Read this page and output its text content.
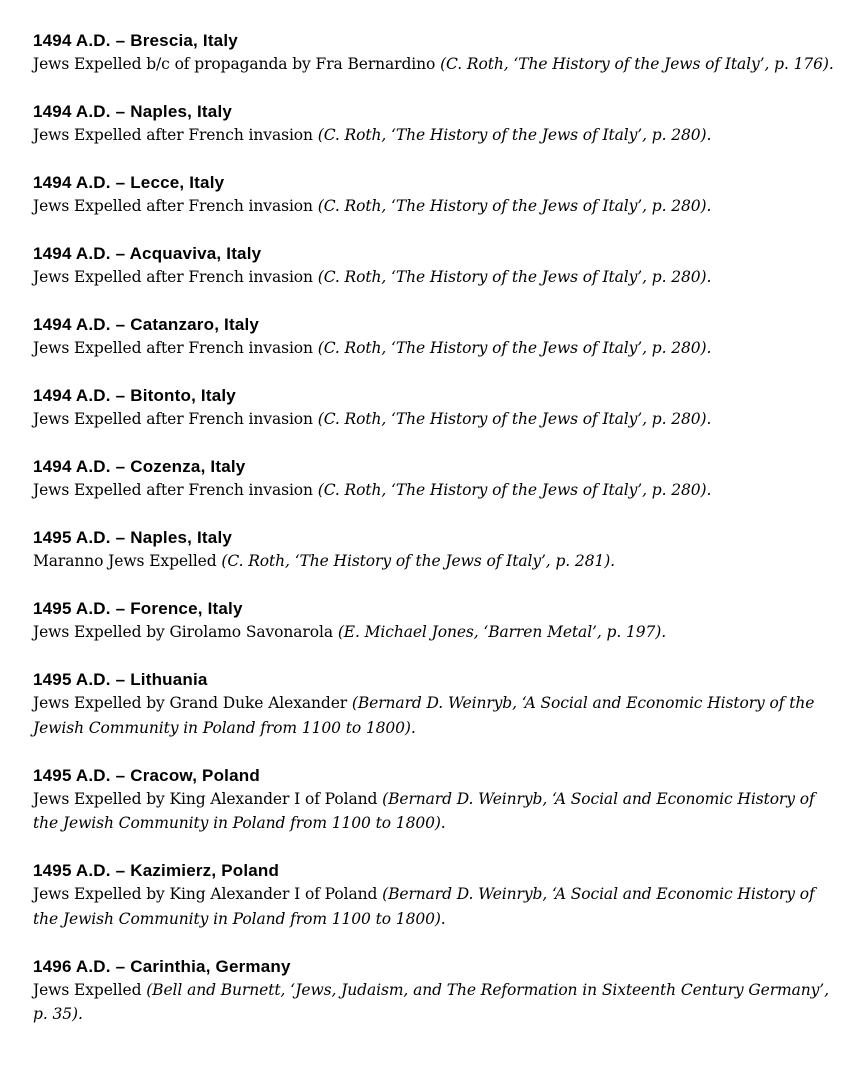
1494 A.D. – Brescia, Italy
Jews Expelled b/c of propaganda by Fra Bernardino (C. Roth, ‘The History of the Jews of Italy’, p. 176).
1494 A.D. – Naples, Italy
Jews Expelled after French invasion (C. Roth, ‘The History of the Jews of Italy’, p. 280).
1494 A.D. – Lecce, Italy
Jews Expelled after French invasion (C. Roth, ‘The History of the Jews of Italy’, p. 280).
1494 A.D. – Acquaviva, Italy
Jews Expelled after French invasion (C. Roth, ‘The History of the Jews of Italy’, p. 280).
1494 A.D. – Catanzaro, Italy
Jews Expelled after French invasion (C. Roth, ‘The History of the Jews of Italy’, p. 280).
1494 A.D. – Bitonto, Italy
Jews Expelled after French invasion (C. Roth, ‘The History of the Jews of Italy’, p. 280).
1494 A.D. – Cozenza, Italy
Jews Expelled after French invasion (C. Roth, ‘The History of the Jews of Italy’, p. 280).
1495 A.D. – Naples, Italy
Maranno Jews Expelled (C. Roth, ‘The History of the Jews of Italy’, p. 281).
1495 A.D. – Forence, Italy
Jews Expelled by Girolamo Savonarola (E. Michael Jones, ‘Barren Metal’, p. 197).
1495 A.D. – Lithuania
Jews Expelled by Grand Duke Alexander (Bernard D. Weinryb, ‘A Social and Economic History of the Jewish Community in Poland from 1100 to 1800).
1495 A.D. – Cracow, Poland
Jews Expelled by King Alexander I of Poland (Bernard D. Weinryb, ‘A Social and Economic History of the Jewish Community in Poland from 1100 to 1800).
1495 A.D. – Kazimierz, Poland
Jews Expelled by King Alexander I of Poland (Bernard D. Weinryb, ‘A Social and Economic History of the Jewish Community in Poland from 1100 to 1800).
1496 A.D. – Carinthia, Germany
Jews Expelled (Bell and Burnett, ‘Jews, Judaism, and The Reformation in Sixteenth Century Germany’, p. 35).
